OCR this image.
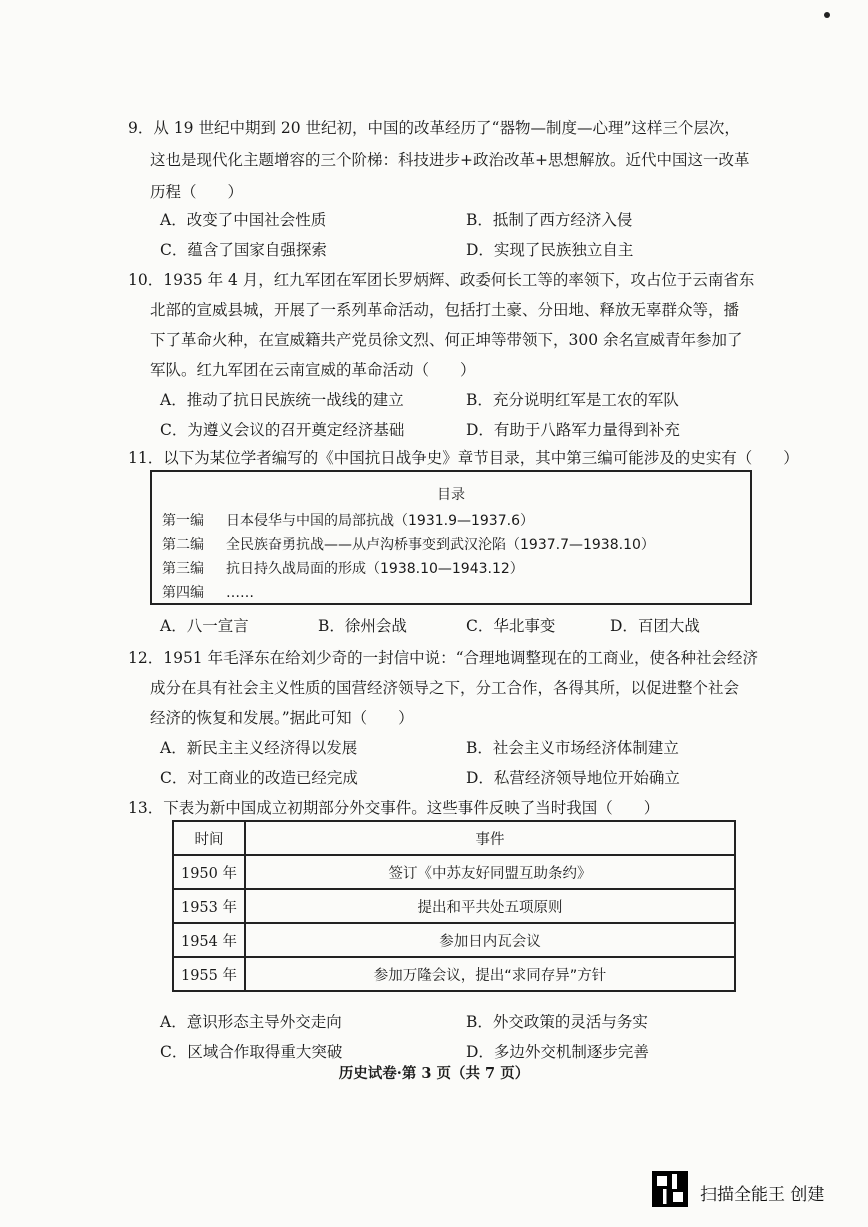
9．从 19 世纪中期到 20 世纪初，中国的改革经历了“器物—制度—心理”这样三个层次，
这也是现代化主题增容的三个阶梯：科技进步+政治改革+思想解放。近代中国这一改革
历程（　　）
A．改变了中国社会性质	B．抵制了西方经济入侵
C．蕴含了国家自强探索	D．实现了民族独立自主
10．1935 年 4 月，红九军团在军团长罗炳辉、政委何长工等的率领下，攻占位于云南省东
北部的宣威县城，开展了一系列革命活动，包括打土豪、分田地、释放无辜群众等，播
下了革命火种，在宣威籍共产党员徐文烈、何正坤等带领下，300 余名宣威青年参加了
军队。红九军团在云南宣威的革命活动（　　）
A．推动了抗日民族统一战线的建立	B．充分说明红军是工农的军队
C．为遵义会议的召开奠定经济基础	D．有助于八路军力量得到补充
11．以下为某位学者编写的《中国抗日战争史》章节目录，其中第三编可能涉及的史实有（　　）
目录
第一编 日本侵华与中国的局部抗战（1931.9—1937.6）
第二编 全民族奋勇抗战——从卢沟桥事变到武汉沦陷（1937.7—1938.10）
第三编 抗日持久战局面的形成（1938.10—1943.12）
第四编 ……
A．八一宣言	B．徐州会战	C．华北事变	D．百团大战
12．1951 年毛泽东在给刘少奇的一封信中说：“合理地调整现在的工商业，使各种社会经济
成分在具有社会主义性质的国营经济领导之下，分工合作，各得其所，以促进整个社会
经济的恢复和发展。”据此可知（　　）
A．新民主主义经济得以发展	B．社会主义市场经济体制建立
C．对工商业的改造已经完成	D．私营经济领导地位开始确立
13．下表为新中国成立初期部分外交事件。这些事件反映了当时我国（　　）
时间	事件
1950 年	签订《中苏友好同盟互助条约》
1953 年	提出和平共处五项原则
1954 年	参加日内瓦会议
1955 年	参加万隆会议，提出“求同存异”方针
A．意识形态主导外交走向	B．外交政策的灵活与务实
C．区域合作取得重大突破	D．多边外交机制逐步完善
历史试卷·第 3 页（共 7 页）
扫描全能王 创建
